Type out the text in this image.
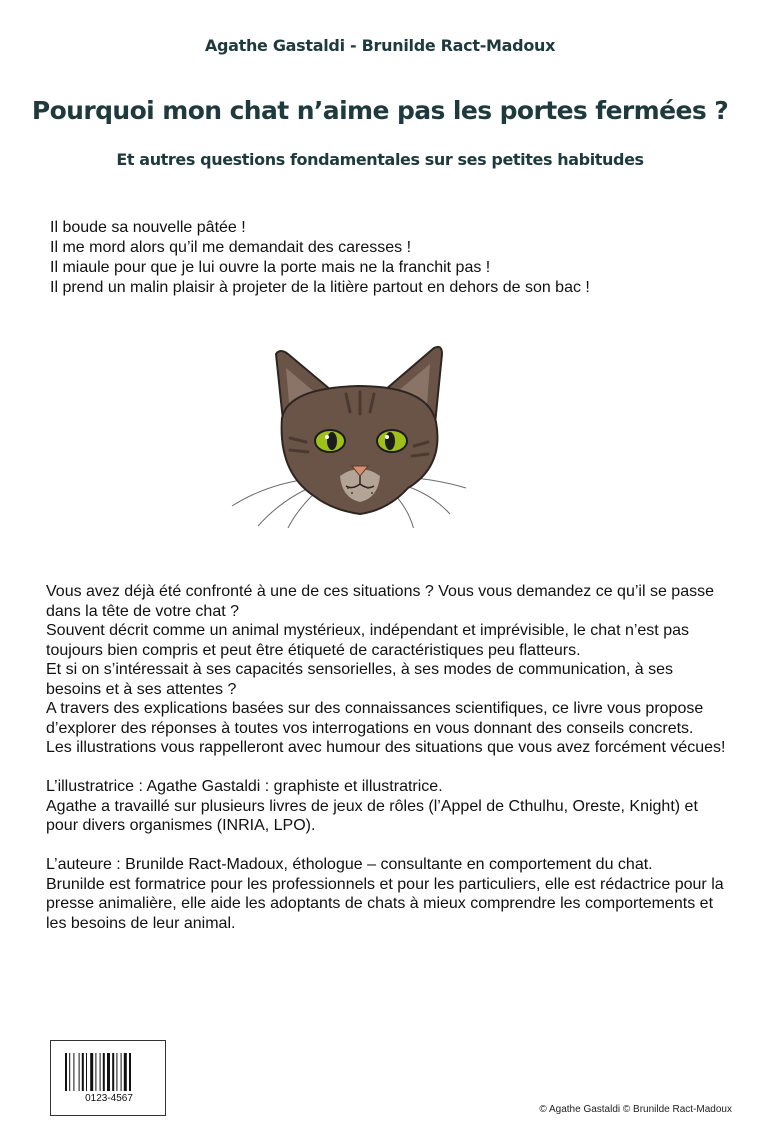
Agathe Gastaldi - Brunilde Ract-Madoux
Pourquoi mon chat n’aime pas les portes fermées ?
Et autres questions fondamentales sur ses petites habitudes
Il boude sa nouvelle pâtée !
Il me mord alors qu’il me demandait des caresses !
Il miaule pour que je lui ouvre la porte mais ne la franchit pas !
Il prend un malin plaisir à projeter de la litière partout en dehors de son bac !

Vous avez déjà été confronté à une de ces situations ? Vous vous demandez ce qu’il se passe dans la tête de votre chat ?

Souvent décrit comme un animal mystérieux, indépendant et imprévisible, le chat n’est pas toujours bien compris et peut être étiqueté de caractéristiques peu flatteurs.

Et si on s’intéressait à ses capacités sensorielles, à ses modes de communication, à ses besoins et à ses attentes ?

A travers des explications basées sur des connaissances scientifiques, ce livre vous propose d’explorer des réponses à toutes vos interrogations en vous donnant des conseils concrets.

Les illustrations vous rappelleront avec humour des situations que vous avez forcément vécues!

L’illustratrice : Agathe Gastaldi : graphiste et illustratrice.

Agathe a travaillé sur plusieurs livres de jeux de rôles (l’Appel de Cthulhu, Oreste, Knight) et pour divers organismes (INRIA, LPO).

L’auteure : Brunilde Ract-Madoux, éthologue – consultante en comportement du chat.

Brunilde est formatrice pour les professionnels et pour les particuliers, elle est rédactrice pour la presse animalière, elle aide les adoptants de chats à mieux comprendre les comportements et les besoins de leur animal.

0123-4567
© Agathe Gastaldi © Brunilde Ract-Madoux
